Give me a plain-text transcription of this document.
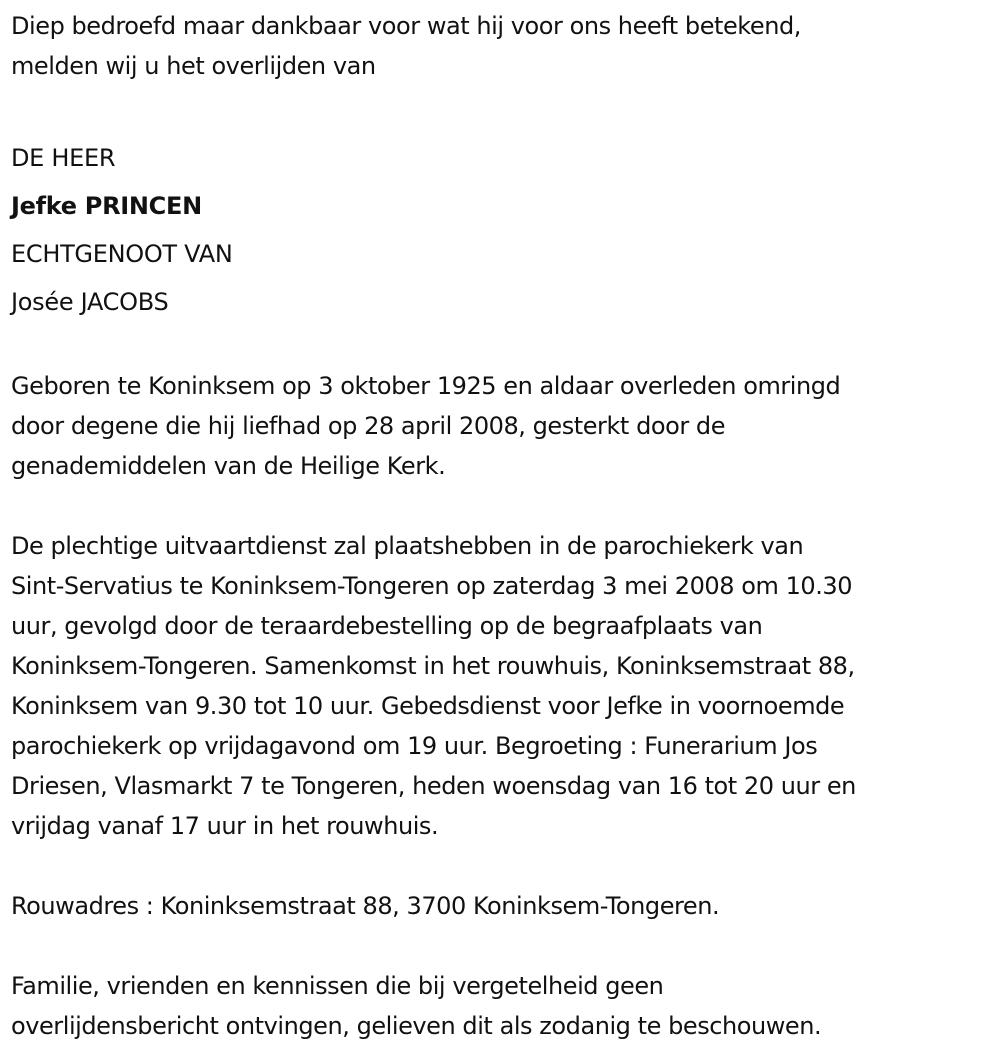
Diep bedroefd maar dankbaar voor wat hij voor ons heeft betekend,

melden wij u het overlijden van

DE HEER

Jefke PRINCEN

ECHTGENOOT VAN

Josée JACOBS

Geboren te Koninksem op 3 oktober 1925 en aldaar overleden omringd

door degene die hij liefhad op 28 april 2008, gesterkt door de

genademiddelen van de Heilige Kerk.

De plechtige uitvaartdienst zal plaatshebben in de parochiekerk van

Sint-Servatius te Koninksem-Tongeren op zaterdag 3 mei 2008 om 10.30

uur, gevolgd door de teraardebestelling op de begraafplaats van

Koninksem-Tongeren. Samenkomst in het rouwhuis, Koninksemstraat 88,

Koninksem van 9.30 tot 10 uur. Gebedsdienst voor Jefke in voornoemde

parochiekerk op vrijdagavond om 19 uur. Begroeting : Funerarium Jos

Driesen, Vlasmarkt 7 te Tongeren, heden woensdag van 16 tot 20 uur en

vrijdag vanaf 17 uur in het rouwhuis.

Rouwadres : Koninksemstraat 88, 3700 Koninksem-Tongeren.

Familie, vrienden en kennissen die bij vergetelheid geen

overlijdensbericht ontvingen, gelieven dit als zodanig te beschouwen.
